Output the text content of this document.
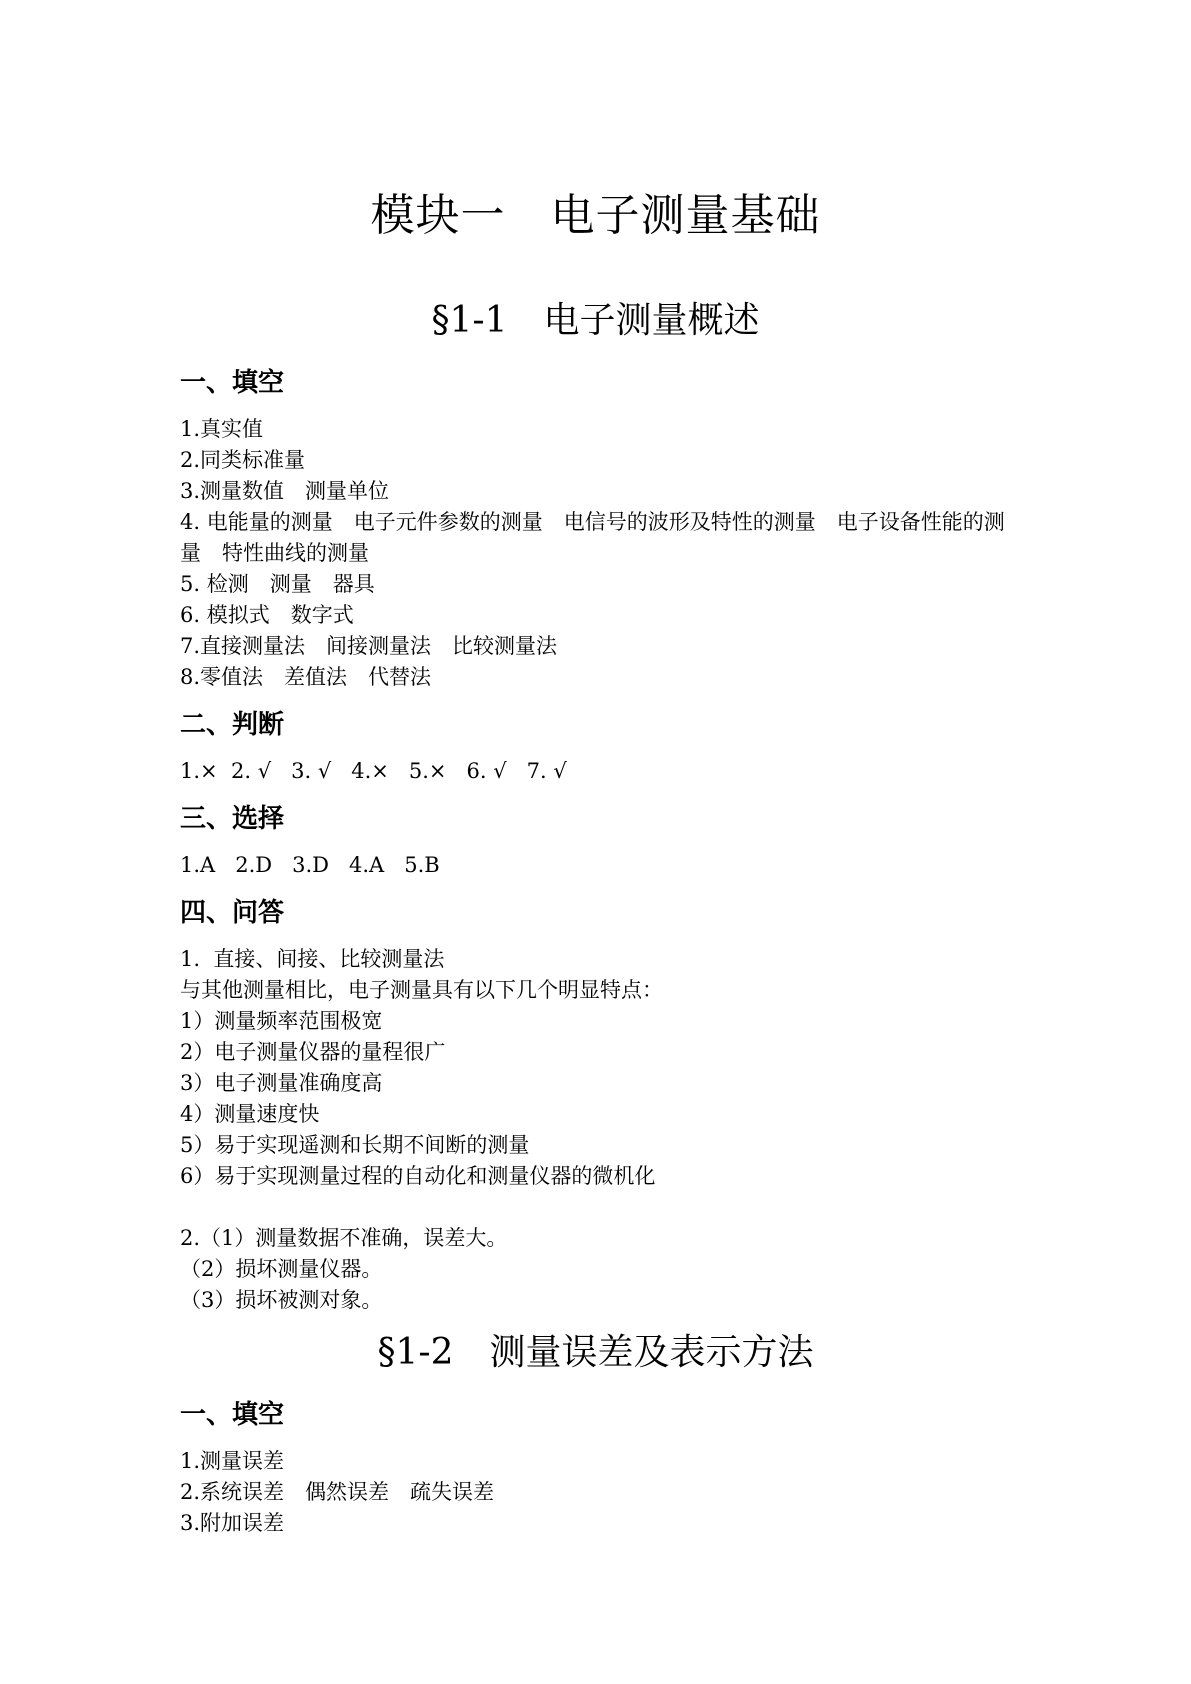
模块一　电子测量基础
§1-1　电子测量概述
一、填空
1.真实值
2.同类标准量
3.测量数值　测量单位
4. 电能量的测量　电子元件参数的测量　电信号的波形及特性的测量　电子设备性能的测量　特性曲线的测量
5. 检测　测量　器具
6. 模拟式　数字式
7.直接测量法　间接测量法　比较测量法
8.零值法　差值法　代替法
二、判断
1.×  2. √   3. √   4.×   5.×   6. √   7. √
三、选择
1.A   2.D   3.D   4.A   5.B
四、问答
1.  直接、间接、比较测量法
与其他测量相比，电子测量具有以下几个明显特点：
1）测量频率范围极宽
2）电子测量仪器的量程很广
3）电子测量准确度高
4）测量速度快
5）易于实现遥测和长期不间断的测量
6）易于实现测量过程的自动化和测量仪器的微机化
2.（1）测量数据不准确，误差大。
（2）损坏测量仪器。
（3）损坏被测对象。
§1-2　测量误差及表示方法
一、填空
1.测量误差
2.系统误差　偶然误差　疏失误差
3.附加误差
